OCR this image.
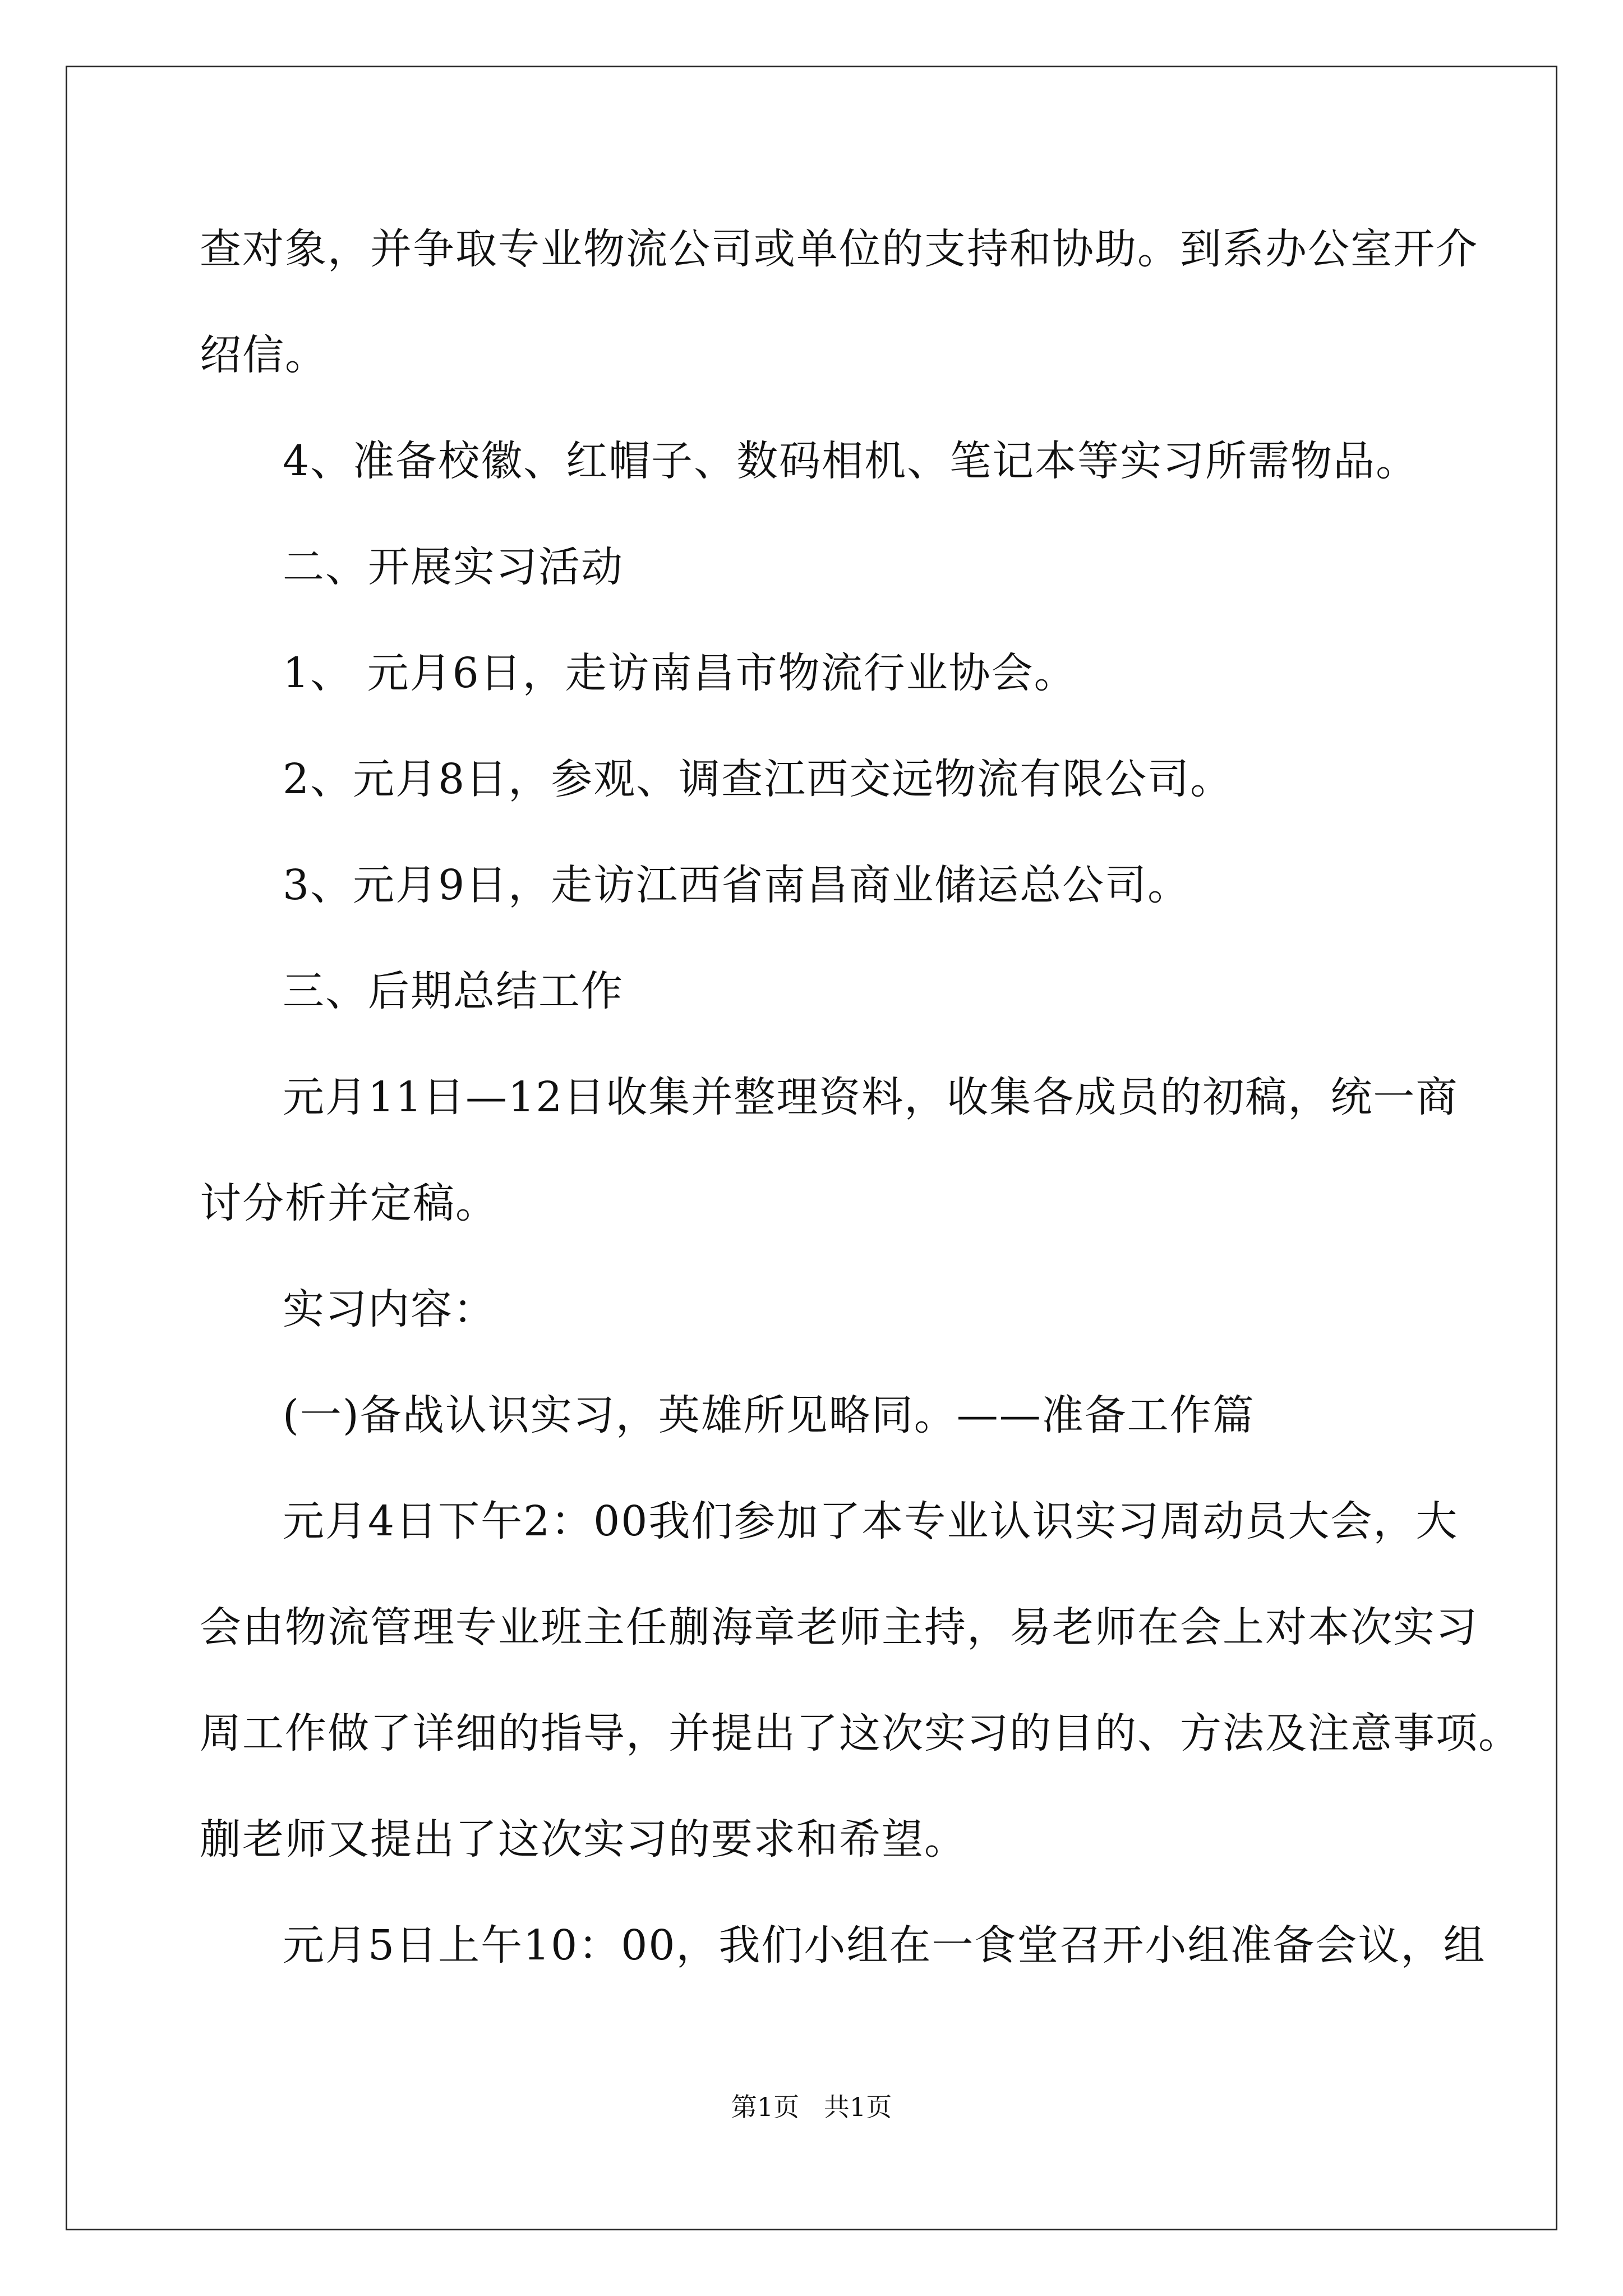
查对象，并争取专业物流公司或单位的支持和协助。到系办公室开介
绍信。
4、准备校徽、红帽子、数码相机、笔记本等实习所需物品。
二、开展实习活动
1、 元月6日，走访南昌市物流行业协会。
2、元月8日，参观、调查江西交远物流有限公司。
3、元月9日，走访江西省南昌商业储运总公司。
三、后期总结工作
元月11日—12日收集并整理资料，收集各成员的初稿，统一商
讨分析并定稿。
实习内容：
(一)备战认识实习，英雄所见略同。——准备工作篇
元月4日下午2：00我们参加了本专业认识实习周动员大会，大
会由物流管理专业班主任蒯海章老师主持，易老师在会上对本次实习
周工作做了详细的指导，并提出了这次实习的目的、方法及注意事项。
蒯老师又提出了这次实习的要求和希望。
元月5日上午10：00，我们小组在一食堂召开小组准备会议，组
第1页   共1页
